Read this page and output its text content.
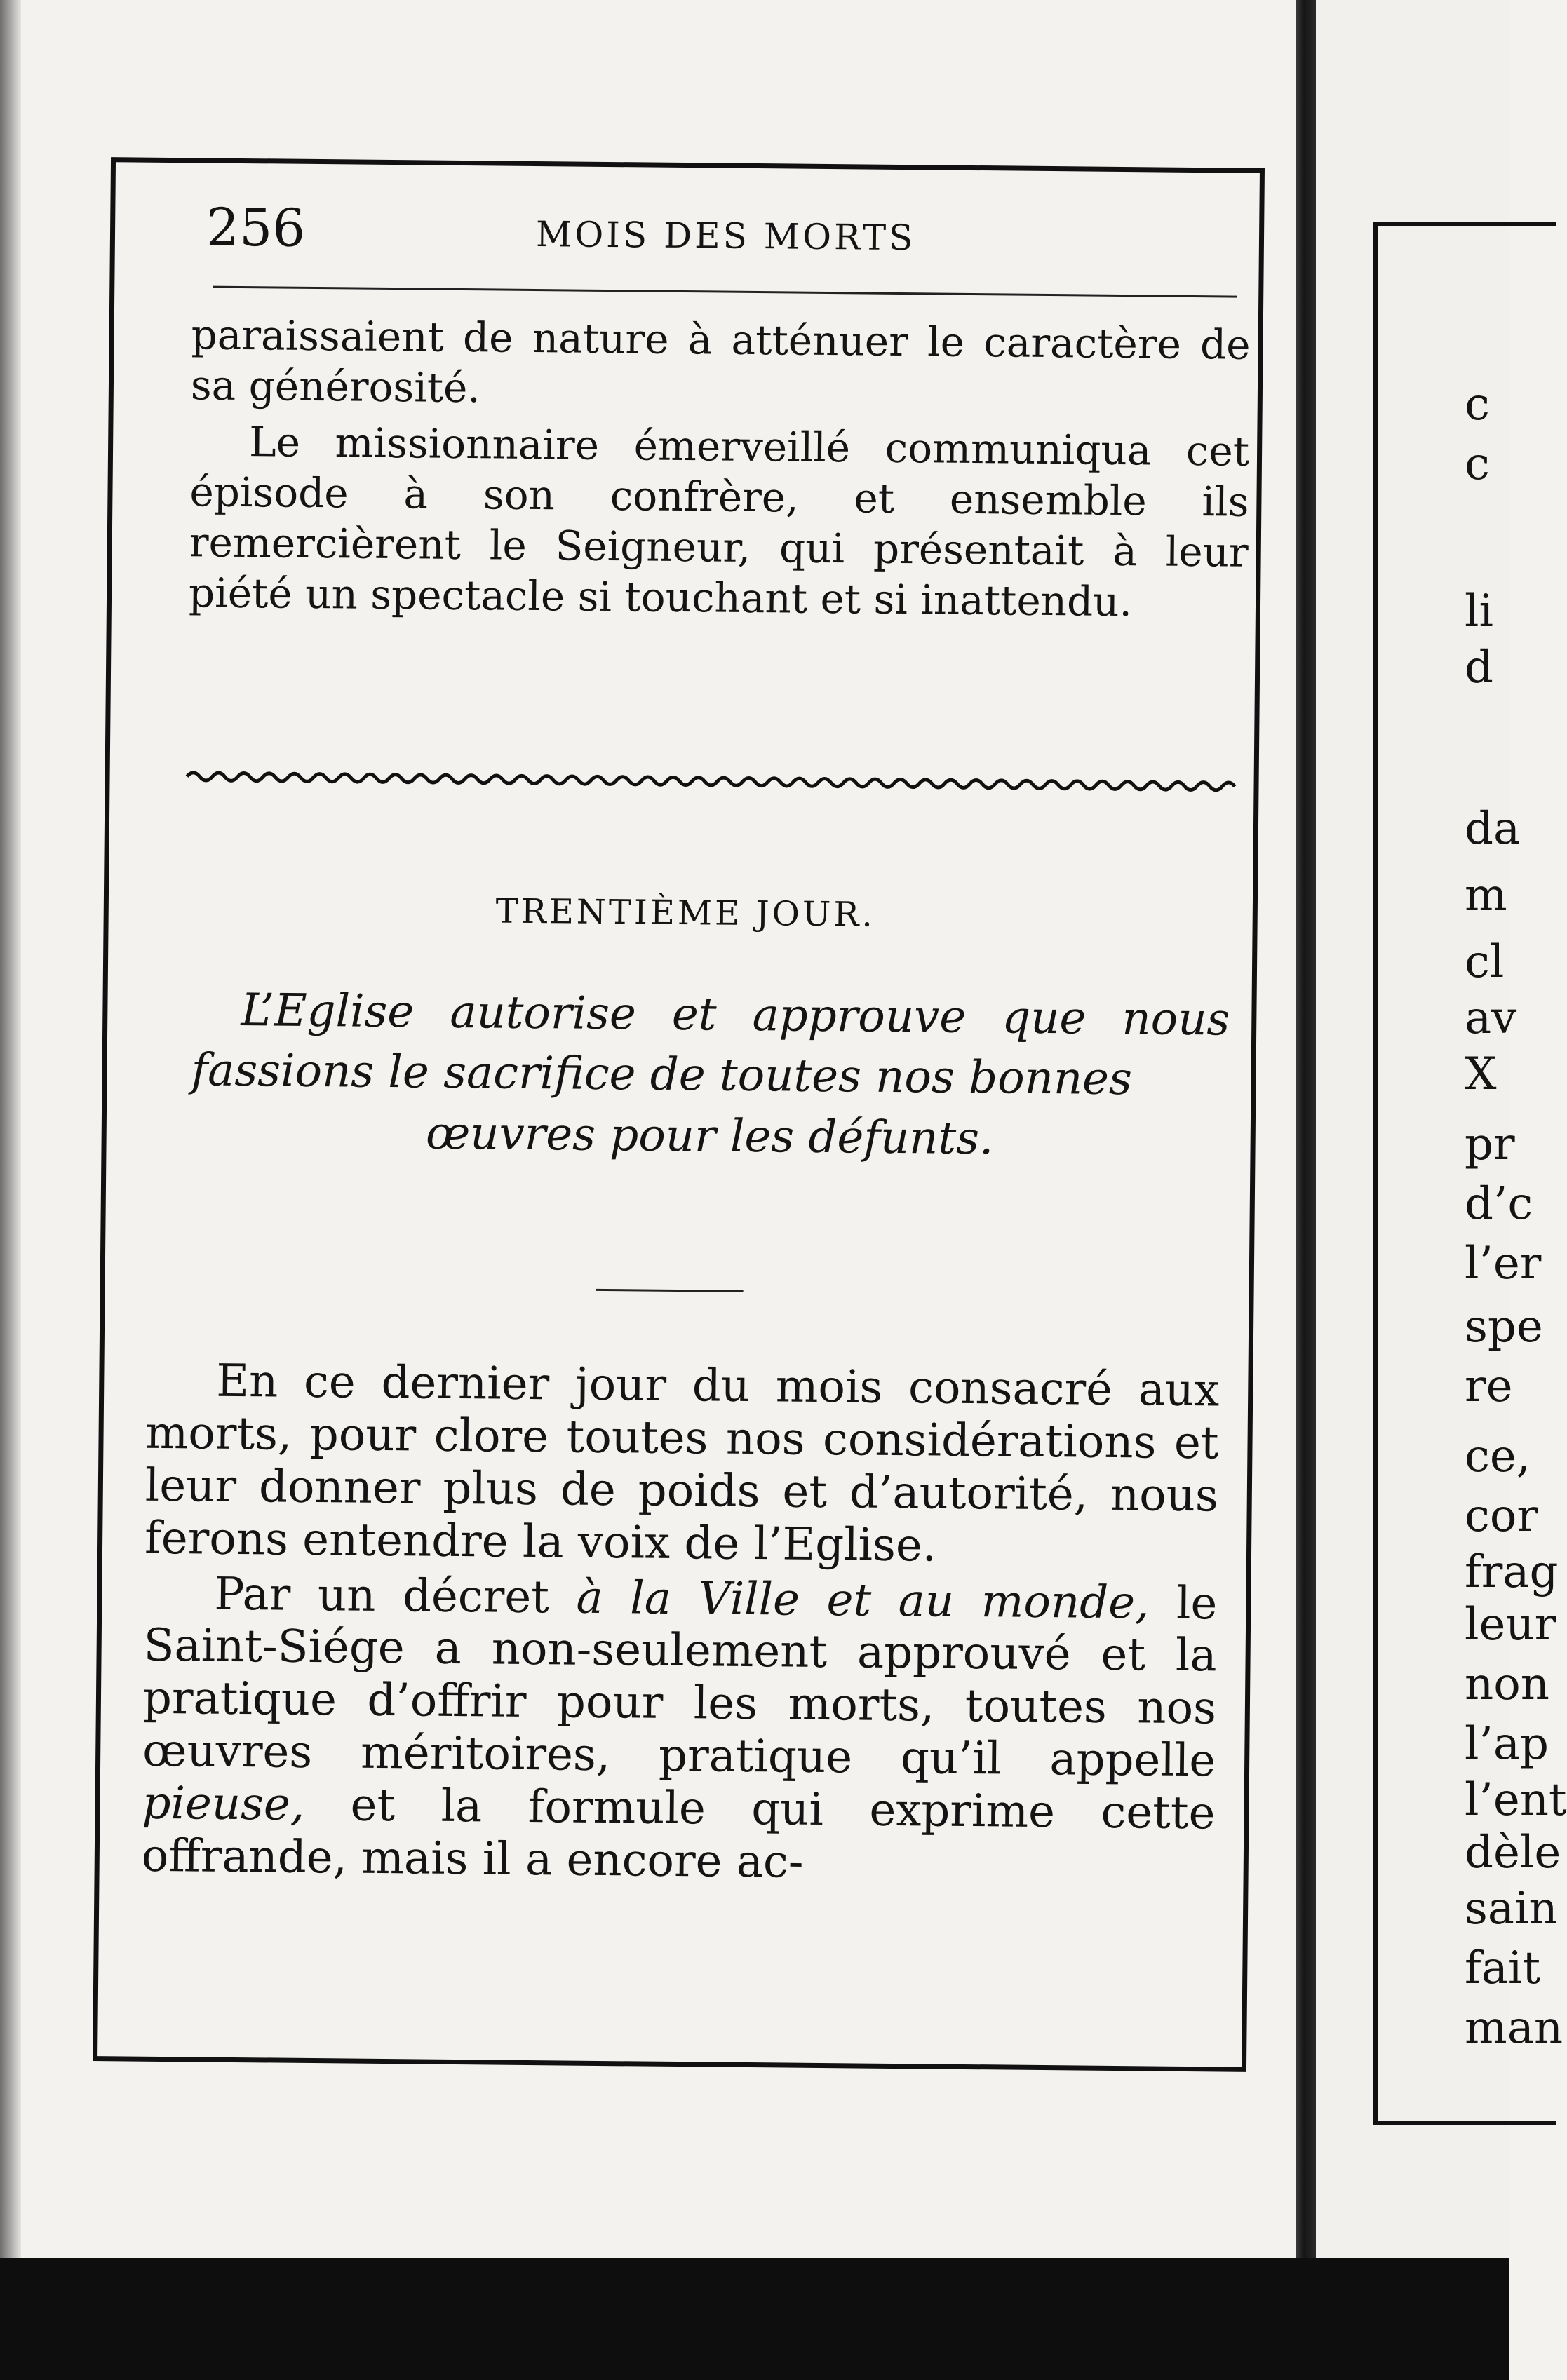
c
c
li
d
da
m
cl
av
X
pr
d’c
l’er
spe
re
ce,
cor
frag
leur
non
l’ap
l’ent
dèle
sain
fait
man
256	MOIS DES MORTS

paraissaient de nature à atténuer le caractère de sa générosité.

Le missionnaire émerveillé communiqua cet épisode à son confrère, et ensemble ils remercièrent le Seigneur, qui présentait à leur piété un spectacle si touchant et si inattendu.

TRENTIÈME JOUR.
L’Eglise autorise et approuve que nous fassions le sacrifice de toutes nos bonnes
œuvres pour les défunts.

En ce dernier jour du mois consacré aux morts, pour clore toutes nos considérations et leur donner plus de poids et d’autorité, nous ferons entendre la voix de l’Eglise.

Par un décret à la Ville et au monde, le Saint-Siége a non-seulement approuvé et la pratique d’offrir pour les morts, toutes nos œuvres méritoires, pratique qu’il appelle pieuse, et la formule qui exprime cette offrande, mais il a encore ac-
